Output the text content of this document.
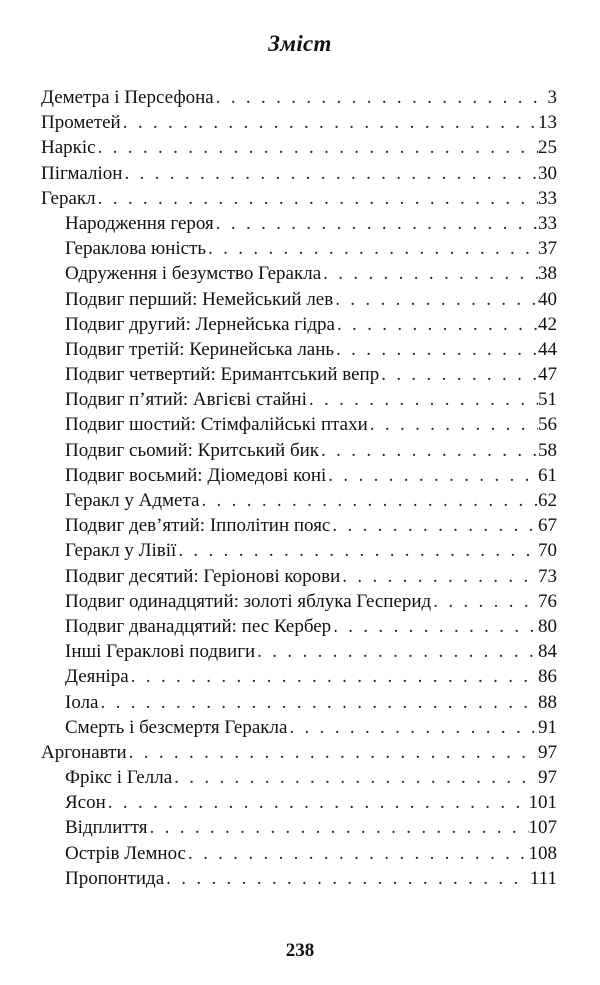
Зміст
Деметра і Персефона . . .	3
Прометей . . .	13
Наркіс . . .	25
Пігмаліон . . .	30
Геракл . . .	33
Народження героя . . .	33
Гераклова юність . . .	37
Одруження і безумство Геракла . . .	38
Подвиг перший: Немейський лев . . .	40
Подвиг другий: Лернейська гідра . . .	42
Подвиг третій: Керинейська лань . . .	44
Подвиг четвертий: Еримантський вепр . . .	47
Подвиг п’ятий: Авгієві стайні . . .	51
Подвиг шостий: Стімфалійські птахи . . .	56
Подвиг сьомий: Критський бик . . .	58
Подвиг восьмий: Діомедові коні . . .	61
Геракл у Адмета . . .	62
Подвиг дев’ятий: Іпполітин пояс . . .	67
Геракл у Лівії . . .	70
Подвиг десятий: Геріонові корови . . .	73
Подвиг одинадцятий: золоті яблука Гесперид . . .	76
Подвиг дванадцятий: пес Кербер . . .	80
Інші Гераклові подвиги . . .	84
Деяніра . . .	86
Іола . . .	88
Смерть і безсмертя Геракла . . .	91
Аргонавти . . .	97
Фрікс і Гелла . . .	97
Ясон . . .	101
Відплиття . . .	107
Острів Лемнос . . .	108
Пропонтида . . .	111
238
